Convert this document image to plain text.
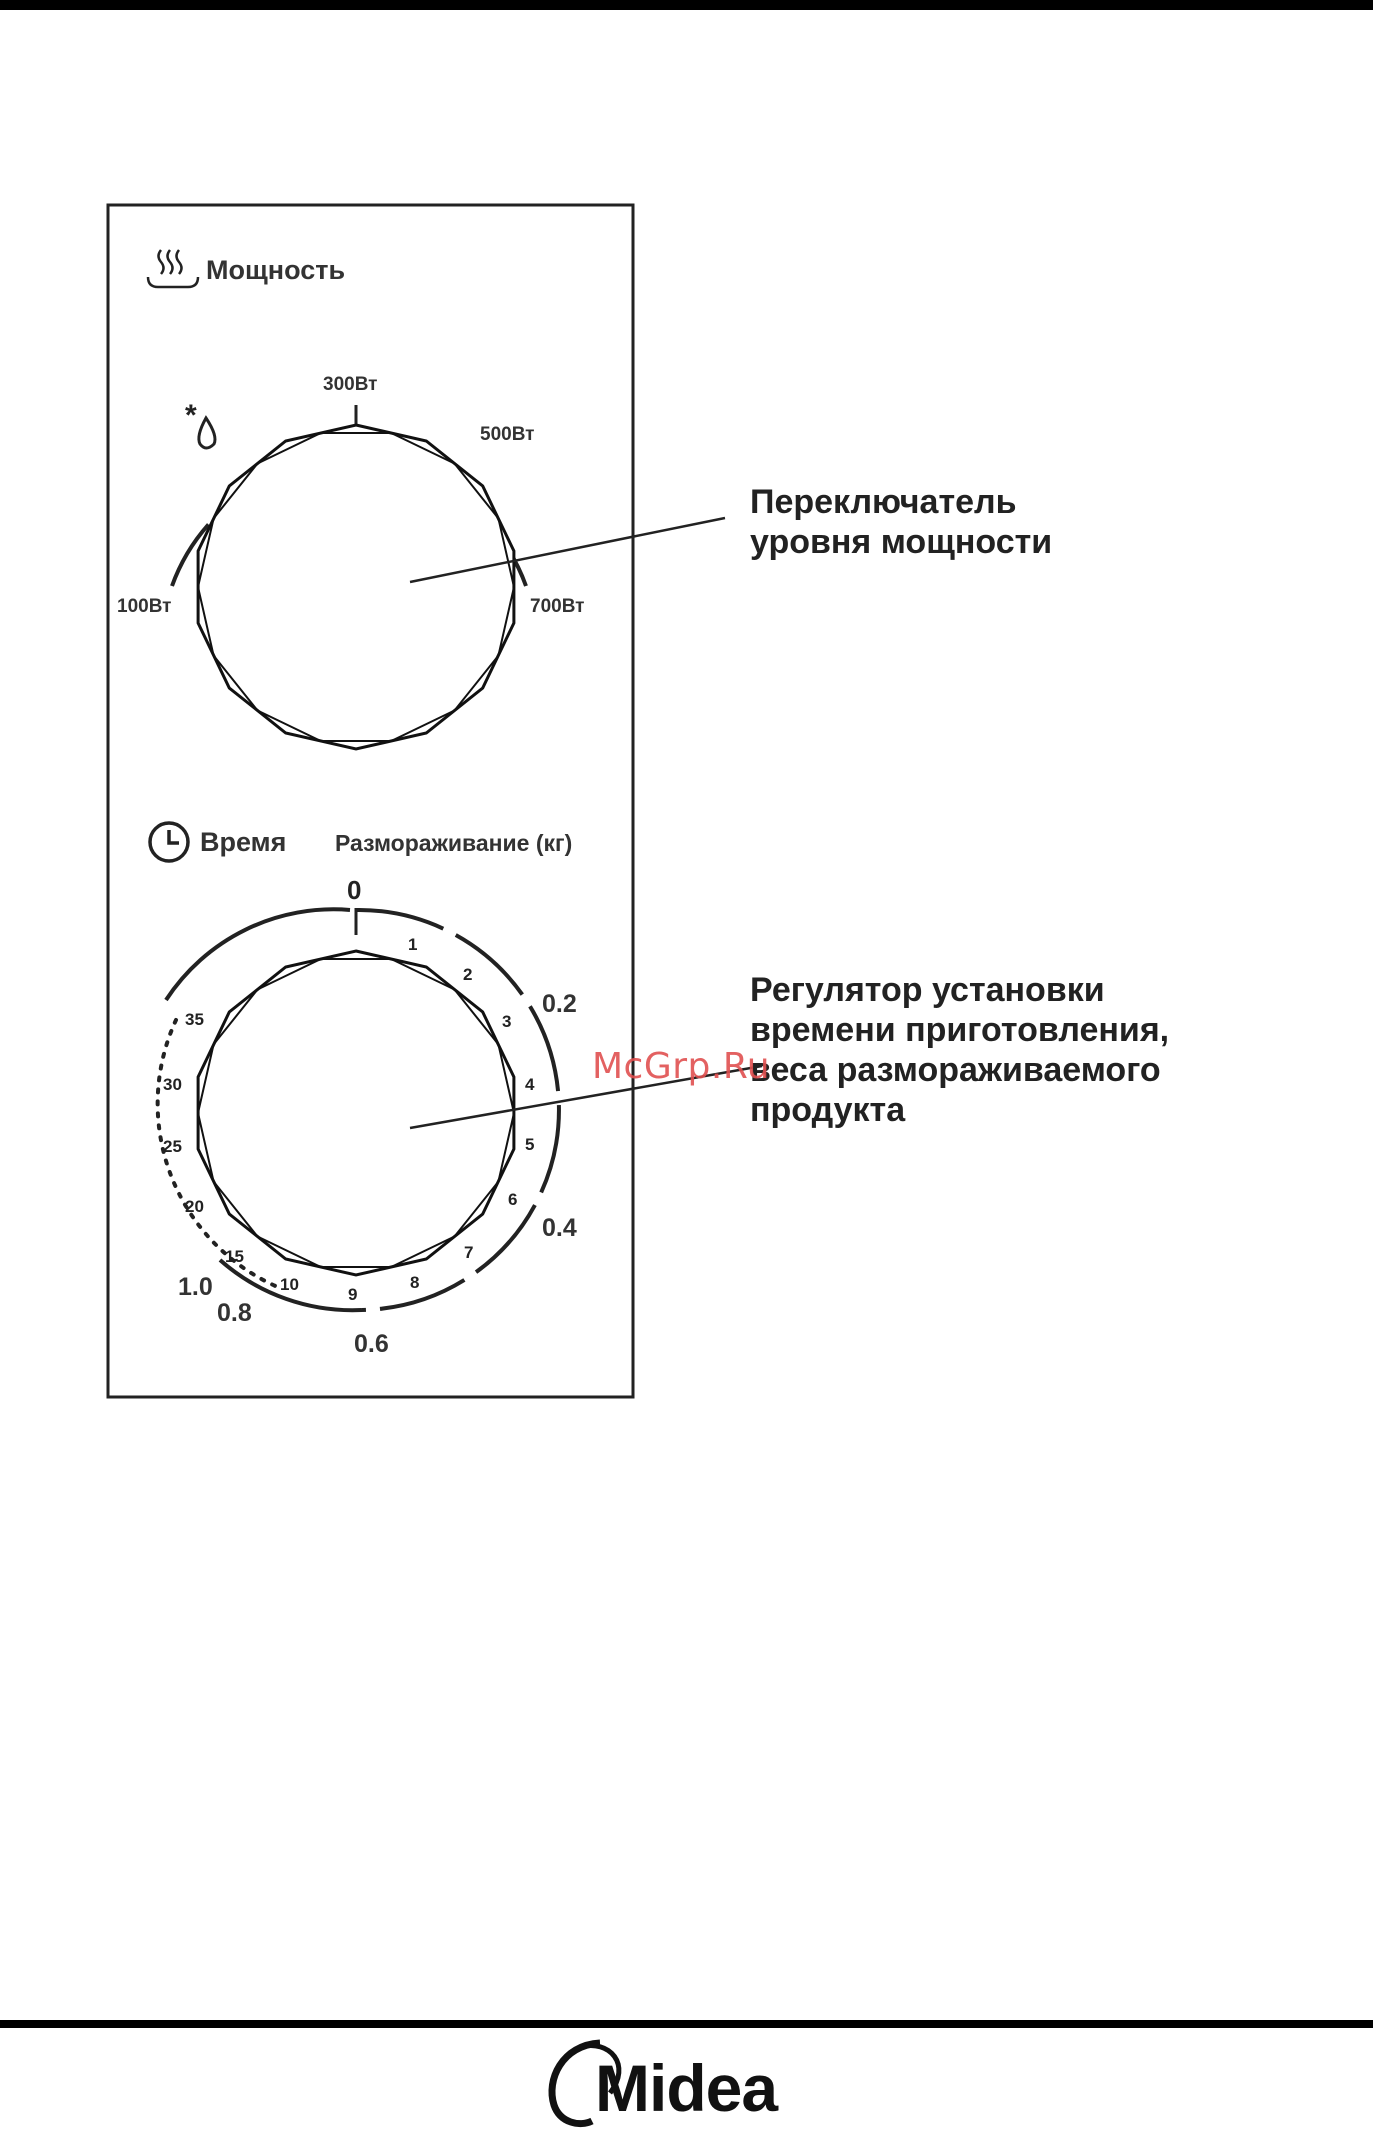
Мощность
300Вт
500Вт
100Вт	700Вт
*
Время Размораживание (кг)
0
1
2
3
4
5
6
7
8
9
10
15
20
25
30
35
0.2
0.4
0.6
0.8
1.0
Переключатель
уровня мощности
Регулятор установки
времени приготовления,
веса размораживаемого
продукта
McGrp.Ru
Midea
